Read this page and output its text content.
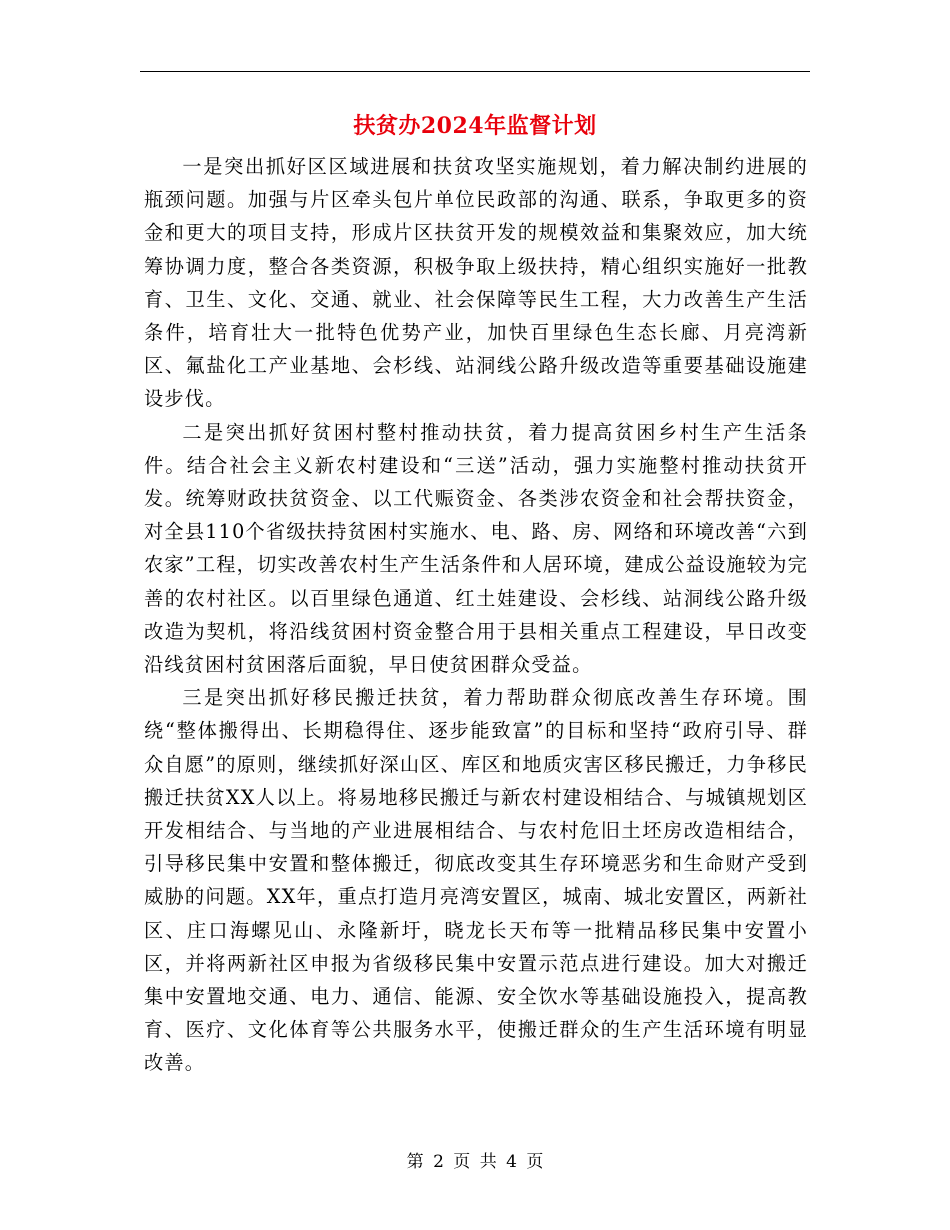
扶贫办2024年监督计划

一是突出抓好区区域进展和扶贫攻坚实施规划，着力解决制约进展的瓶颈问题。加强与片区牵头包片单位民政部的沟通、联系，争取更多的资金和更大的项目支持，形成片区扶贫开发的规模效益和集聚效应，加大统筹协调力度，整合各类资源，积极争取上级扶持，精心组织实施好一批教育、卫生、文化、交通、就业、社会保障等民生工程，大力改善生产生活条件，培育壮大一批特色优势产业，加快百里绿色生态长廊、月亮湾新区、氟盐化工产业基地、会杉线、站洞线公路升级改造等重要基础设施建设步伐。

二是突出抓好贫困村整村推动扶贫，着力提高贫困乡村生产生活条件。结合社会主义新农村建设和“三送”活动，强力实施整村推动扶贫开发。统筹财政扶贫资金、以工代赈资金、各类涉农资金和社会帮扶资金，对全县110个省级扶持贫困村实施水、电、路、房、网络和环境改善“六到农家”工程，切实改善农村生产生活条件和人居环境，建成公益设施较为完善的农村社区。以百里绿色通道、红土娃建设、会杉线、站洞线公路升级改造为契机，将沿线贫困村资金整合用于县相关重点工程建设，早日改变沿线贫困村贫困落后面貌，早日使贫困群众受益。

三是突出抓好移民搬迁扶贫，着力帮助群众彻底改善生存环境。围绕“整体搬得出、长期稳得住、逐步能致富”的目标和坚持“政府引导、群众自愿”的原则，继续抓好深山区、库区和地质灾害区移民搬迁，力争移民搬迁扶贫XX人以上。将易地移民搬迁与新农村建设相结合、与城镇规划区开发相结合、与当地的产业进展相结合、与农村危旧土坯房改造相结合，引导移民集中安置和整体搬迁，彻底改变其生存环境恶劣和生命财产受到威胁的问题。XX年，重点打造月亮湾安置区，城南、城北安置区，两新社区、庄口海螺见山、永隆新圩，晓龙长天布等一批精品移民集中安置小区，并将两新社区申报为省级移民集中安置示范点进行建设。加大对搬迁集中安置地交通、电力、通信、能源、安全饮水等基础设施投入，提高教育、医疗、文化体育等公共服务水平，使搬迁群众的生产生活环境有明显改善。

第 2 页 共 4 页
